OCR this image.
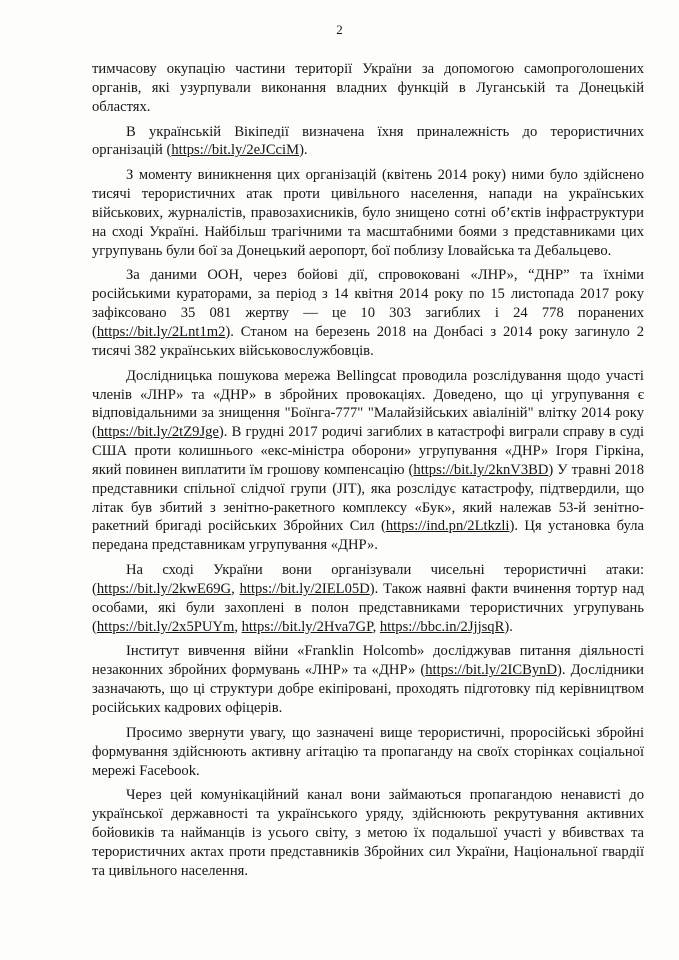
2

тимчасову окупацію частини території України за допомогою самопроголошених органів, які узурпували виконання владних функцій в Луганській та Донецькій областях.

В українській Вікіпедії визначена їхня приналежність до терористичних організацій (https://bit.ly/2eJCciM).

З моменту виникнення цих організацій (квітень 2014 року) ними було здійснено тисячі терористичних атак проти цивільного населення, напади на українських військових, журналістів, правозахисників, було знищено сотні об’єктів інфраструктури на сході Україні. Найбільш трагічними та масштабними боями з представниками цих угрупувань були бої за Донецький аеропорт, бої поблизу Іловайська та Дебальцево.

За даними ООН, через бойові дії, спровоковані «ЛНР», “ДНР” та їхніми російськими кураторами, за період з 14 квітня 2014 року по 15 листопада 2017 року зафіксовано 35 081 жертву — це 10 303 загиблих і 24 778 поранених (https://bit.ly/2Lnt1m2). Станом на березень 2018 на Донбасі з 2014 року загинуло 2 тисячі 382 українських військовослужбовців.

Дослідницька пошукова мережа Bellingcat проводила розслідування щодо участі членів «ЛНР» та «ДНР» в збройних провокаціях. Доведено, що ці угрупування є відповідальними за знищення "Боїнга-777" "Малайзійських авіаліній" влітку 2014 року (https://bit.ly/2tZ9Jge). В грудні 2017 родичі загиблих в катастрофі виграли справу в суді США проти колишнього «екс-міністра оборони» угрупування «ДНР» Ігоря Гіркіна, який повинен виплатити їм грошову компенсацію (https://bit.ly/2knV3BD) У травні 2018 представники спільної слідчої групи (JIT), яка розслідує катастрофу, підтвердили, що літак був збитий з зенітно-ракетного комплексу «Бук», який належав 53-й зенітно-ракетний бригаді російських Збройних Сил (https://ind.pn/2Ltkzli). Ця установка була передана представникам угрупування «ДНР».

На сході України вони організували чисельні терористичні атаки: (https://bit.ly/2kwE69G, https://bit.ly/2IEL05D). Також наявні факти вчинення тортур над особами, які були захоплені в полон представниками терористичних угрупувань (https://bit.ly/2x5PUYm, https://bit.ly/2Hva7GP, https://bbc.in/2JjjsqR).

Інститут вивчення війни «Franklin Holcomb» досліджував питання діяльності незаконних збройних формувань «ЛНР» та «ДНР» (https://bit.ly/2ICBynD). Дослідники зазначають, що ці структури добре екіпіровані, проходять підготовку під керівництвом російських кадрових офіцерів.

Просимо звернути увагу, що зазначені вище терористичні, проросійські збройні формування здійснюють активну агітацію та пропаганду на своїх сторінках соціальної мережі Facebook.

Через цей комунікаційний канал вони займаються пропагандою ненависті до української державності та українського уряду, здійснюють рекрутування активних бойовиків та найманців із усього світу, з метою їх подальшої участі у вбивствах та терористичних актах проти представників Збройних сил України, Національної гвардії та цивільного населення.
